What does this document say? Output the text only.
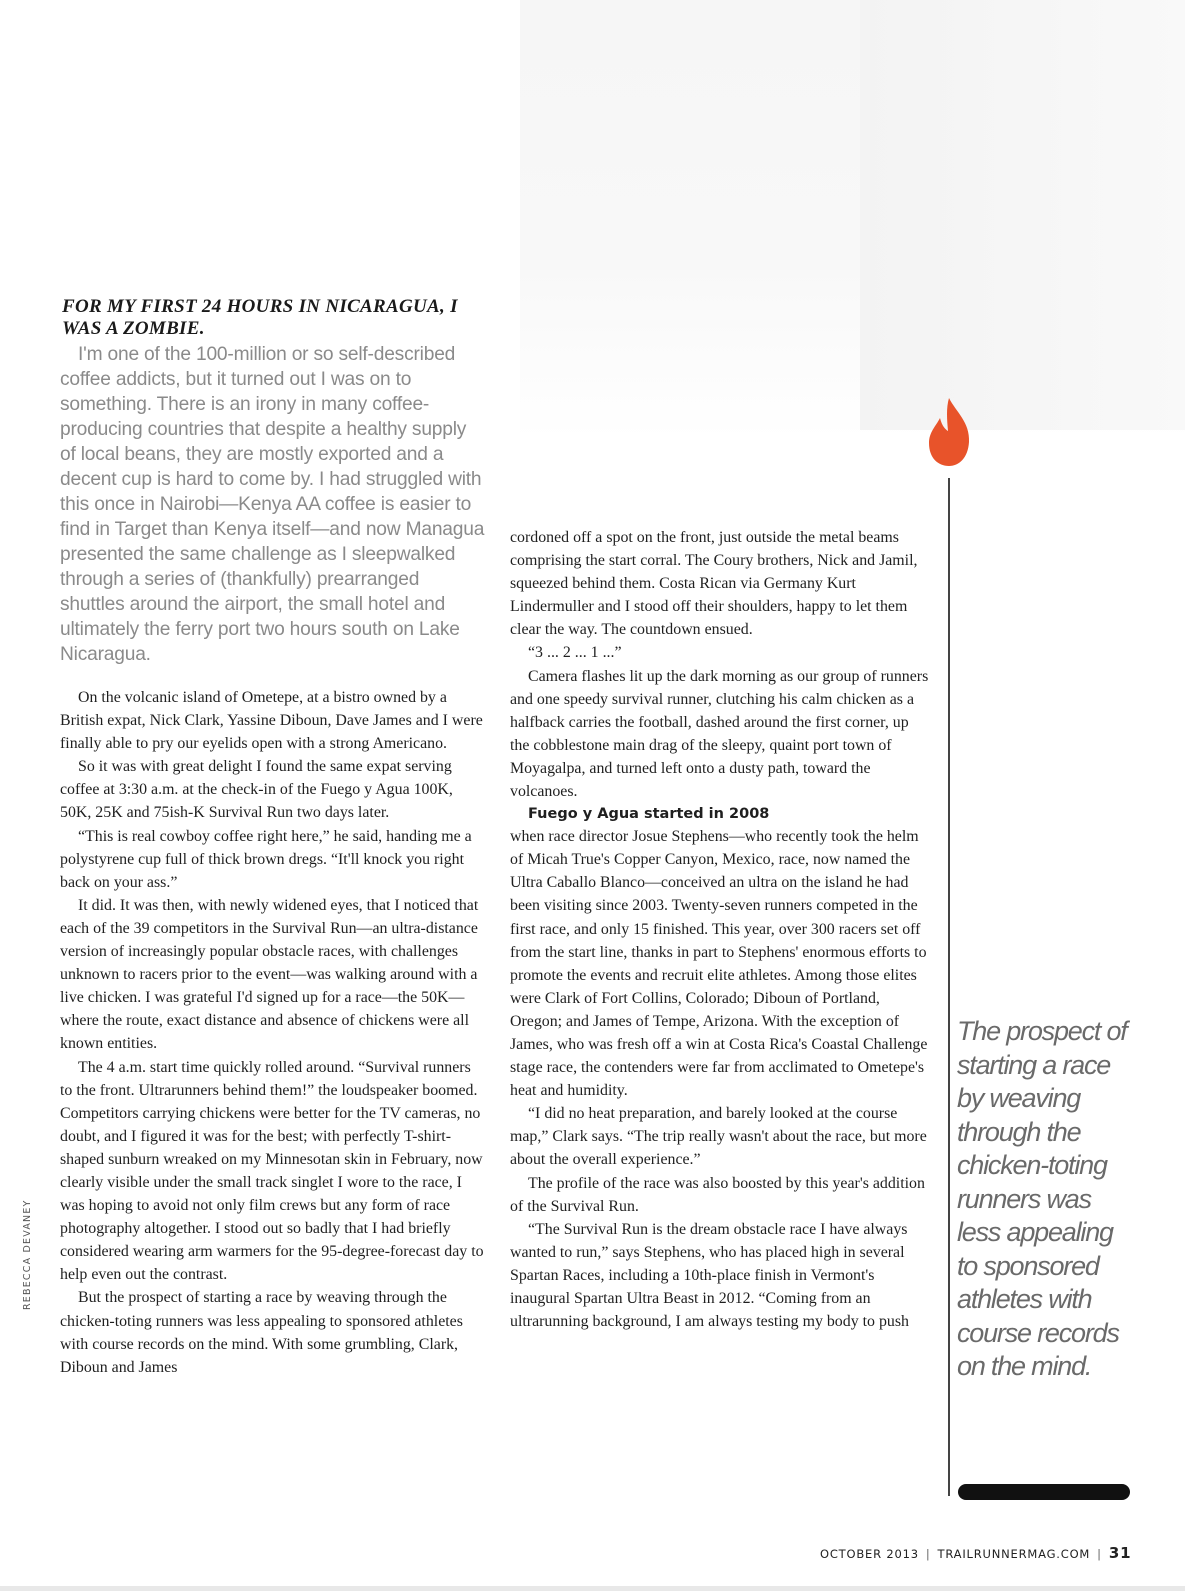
FOR MY FIRST 24 HOURS IN NICARAGUA, I WAS A ZOMBIE.

I'm one of the 100-million or so self-described coffee addicts, but it turned out I was on to something. There is an irony in many coffee-producing countries that despite a healthy supply of local beans, they are mostly exported and a decent cup is hard to come by. I had struggled with this once in Nairobi—Kenya AA coffee is easier to find in Target than Kenya itself—and now Managua presented the same challenge as I sleepwalked through a series of (thankfully) prearranged shuttles around the airport, the small hotel and ultimately the ferry port two hours south on Lake Nicaragua.

On the volcanic island of Ometepe, at a bistro owned by a British expat, Nick Clark, Yassine Diboun, Dave James and I were finally able to pry our eyelids open with a strong Americano.

So it was with great delight I found the same expat serving coffee at 3:30 a.m. at the check-in of the Fuego y Agua 100K, 50K, 25K and 75ish-K Survival Run two days later.

“This is real cowboy coffee right here,” he said, handing me a polystyrene cup full of thick brown dregs. “It'll knock you right back on your ass.”

It did. It was then, with newly widened eyes, that I noticed that each of the 39 competitors in the Survival Run—an ultra-distance version of increasingly popular obstacle races, with challenges unknown to racers prior to the event—was walking around with a live chicken. I was grateful I'd signed up for a race—the 50K—where the route, exact distance and absence of chickens were all known entities.

The 4 a.m. start time quickly rolled around. “Survival runners to the front. Ultrarunners behind them!” the loudspeaker boomed. Competitors carrying chickens were better for the TV cameras, no doubt, and I figured it was for the best; with perfectly T-shirt-shaped sunburn wreaked on my Minnesotan skin in February, now clearly visible under the small track singlet I wore to the race, I was hoping to avoid not only film crews but any form of race photography altogether. I stood out so badly that I had briefly considered wearing arm warmers for the 95-degree-forecast day to help even out the contrast.

But the prospect of starting a race by weaving through the chicken-toting runners was less appealing to sponsored athletes with course records on the mind. With some grumbling, Clark, Diboun and James

cordoned off a spot on the front, just outside the metal beams comprising the start corral. The Coury brothers, Nick and Jamil, squeezed behind them. Costa Rican via Germany Kurt Lindermuller and I stood off their shoulders, happy to let them clear the way. The countdown ensued.

“3 ... 2 ... 1 ...”

Camera flashes lit up the dark morning as our group of runners and one speedy survival runner, clutching his calm chicken as a halfback carries the football, dashed around the first corner, up the cobblestone main drag of the sleepy, quaint port town of Moyagalpa, and turned left onto a dusty path, toward the volcanoes.

Fuego y Agua started in 2008

when race director Josue Stephens—who recently took the helm of Micah True's Copper Canyon, Mexico, race, now named the Ultra Caballo Blanco—conceived an ultra on the island he had been visiting since 2003. Twenty-seven runners competed in the first race, and only 15 finished. This year, over 300 racers set off from the start line, thanks in part to Stephens' enormous efforts to promote the events and recruit elite athletes. Among those elites were Clark of Fort Collins, Colorado; Diboun of Portland, Oregon; and James of Tempe, Arizona. With the exception of James, who was fresh off a win at Costa Rica's Coastal Challenge stage race, the contenders were far from acclimated to Ometepe's heat and humidity.

“I did no heat preparation, and barely looked at the course map,” Clark says. “The trip really wasn't about the race, but more about the overall experience.”

The profile of the race was also boosted by this year's addition of the Survival Run.

“The Survival Run is the dream obstacle race I have always wanted to run,” says Stephens, who has placed high in several Spartan Races, including a 10th-place finish in Vermont's inaugural Spartan Ultra Beast in 2012. “Coming from an ultrarunning background, I am always testing my body to push

The prospect of starting a race by weaving through the chicken-toting runners was less appealing to sponsored athletes with course records on the mind.
REBECCA DEVANEY
OCTOBER 2013 | TRAILRUNNERMAG.COM | 31
